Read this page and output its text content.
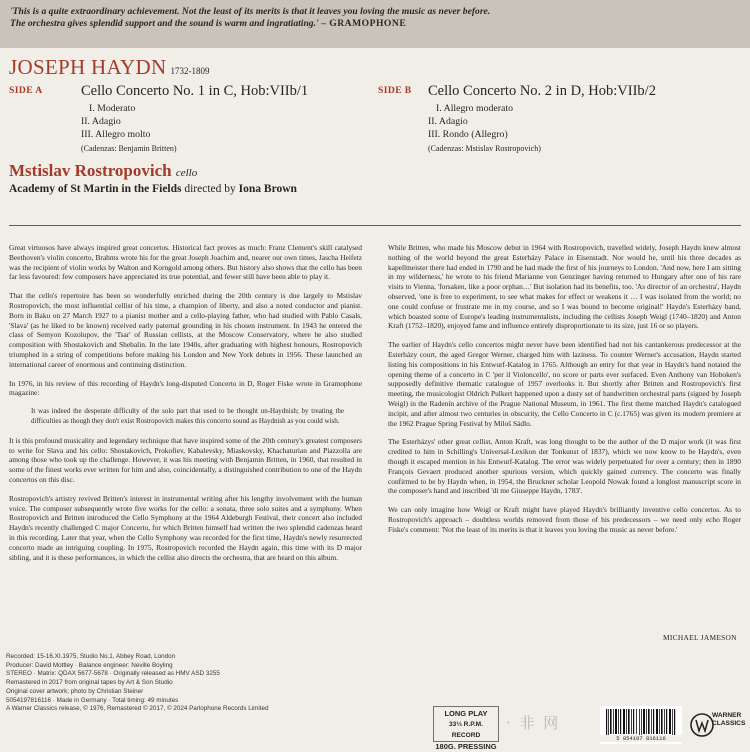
'This is a quite extraordinary achievement. Not the least of its merits is that it leaves you loving the music as never before.
The orchestra gives splendid support and the sound is warm and ingratiating.' – GRAMOPHONE
JOSEPH HAYDN 1732-1809
SIDE A	Cello Concerto No. 1 in C, Hob:VIIb/1
I. Moderato
II. Adagio
III. Allegro molto
(Cadenzas: Benjamin Britten)
SIDE B Cello Concerto No. 2 in D, Hob:VIIb/2
I. Allegro moderato
II. Adagio
III. Rondo (Allegro)
(Cadenzas: Mstislav Rostropovich)
Mstislav Rostropovich cello
Academy of St Martin in the Fields directed by Iona Brown

Great virtuosos have always inspired great concertos. Historical fact proves as much: Franz Clement's skill catalysed Beethoven's violin concerto, Brahms wrote his for the great Joseph Joachim and, nearer our own times, Jascha Heifetz was the recipient of violin works by Walton and Korngold among others. But history also shows that the cello has been far less favoured: few composers have appreciated its true potential, and fewer still have been able to play it.

That the cello's repertoire has been so wonderfully enriched during the 20th century is due largely to Mstislav Rostropovich, the most influential cellist of his time, a champion of liberty, and also a noted conductor and pianist. Born in Baku on 27 March 1927 to a pianist mother and a cello-playing father, who had studied with Pablo Casals, 'Slava' (as he liked to be known) received early paternal grounding in his chosen instrument. In 1943 he entered the class of Semyon Kozolupov, the 'Tsar' of Russian cellists, at the Moscow Conservatory, where he also studied composition with Shostakovich and Shebalin. In the late 1940s, after graduating with highest honours, Rostropovich triumphed in a string of competitions before making his London and New York debuts in 1956. These launched an international career of enormous and continuing distinction.

In 1976, in his review of this recording of Haydn's long-disputed Concerto in D, Roger Fiske wrote in Gramophone magazine:

It was indeed the desperate difficulty of the solo part that used to be thought un-Haydnish; by treating the difficulties as though they don't exist Rostropovich makes this concerto sound as Haydnish as you could wish.

It is this profound musicality and legendary technique that have inspired some of the 20th century's greatest composers to write for Slava and his cello: Shostakovich, Prokofiev, Kabalevsky, Miaskovsky, Khachaturian and Piazzolla are among those who took up the challenge. However, it was his meeting with Benjamin Britten, in 1960, that resulted in some of the finest works ever written for him and also, coincidentally, a distinguished contribution to one of the Haydn concertos on this disc.

Rostropovich's artistry revived Britten's interest in instrumental writing after his lengthy involvement with the human voice. The composer subsequently wrote five works for the cello: a sonata, three solo suites and a symphony. When Rostropovich and Britten introduced the Cello Symphony at the 1964 Aldeburgh Festival, their concert also included Haydn's recently challenged C major Concerto, for which Britten himself had written the two splendid cadenzas heard in this recording. Later that year, when the Cello Symphony was recorded for the first time, Haydn's newly resurrected concerto made an intriguing coupling. In 1975, Rostropovich recorded the Haydn again, this time with its D major sibling, and it is these performances, in which the cellist also directs the orchestra, that are heard on this album.

While Britten, who made his Moscow debut in 1964 with Rostropovich, travelled widely, Joseph Haydn knew almost nothing of the world beyond the great Esterházy Palace in Eisenstadt. Nor would he, until his three decades as kapellmeister there had ended in 1790 and he had made the first of his journeys to London. 'And now, here I am sitting in my wilderness,' he wrote to his friend Marianne von Genzinger having returned to Hungary after one of his rare visits to Vienna, 'forsaken, like a poor orphan…' But isolation had its benefits, too. 'As director of an orchestra', Haydn observed, 'one is free to experiment, to see what makes for effect or weakens it … I was isolated from the world; no one could confuse or frustrate me in my course, and so I was bound to become original!' Haydn's Esterházy band, which boasted some of Europe's leading instrumentalists, including the cellists Joseph Weigl (1740–1820) and Anton Kraft (1752–1820), enjoyed fame and influence entirely disproportionate to its size, just 16 or so players.

The earlier of Haydn's cello concertos might never have been identified had not his cantankerous predecessor at the Esterházy court, the aged Gregor Werner, charged him with laziness. To counter Werner's accusation, Haydn started listing his compositions in his Entwurf-Katalog in 1765. Although an entry for that year in Haydn's hand notated the opening theme of a concerto in C 'per il Violoncello', no score or parts ever surfaced. Even Anthony van Hoboken's supposedly definitive thematic catalogue of 1957 overlooks it. But shortly after Britten and Rostropovich's first meeting, the musicologist Oldrich Pulkert happened upon a dusty set of handwritten orchestral parts (signed by Joseph Weigl) in the Radenín archive of the Prague National Museum, in 1961. The first theme matched Haydn's catalogued incipit, and after almost two centuries in obscurity, the Cello Concerto in C (c.1765) was given its modern premiere at the 1962 Prague Spring Festival by Miloš Sádlo.

The Esterházys' other great cellist, Anton Kraft, was long thought to be the author of the D major work (it was first credited to him in Schilling's Universal-Lexikon der Tonkunst of 1837), which we now know to be Haydn's, even though it escaped mention in his Entwurf-Katalog. The error was widely perpetuated for over a century; then in 1890 François Gevaert produced another spurious version, which quickly gained currency. The concerto was finally confirmed to be by Haydn when, in 1954, the Bruckner scholar Leopold Nowak found a longlost manuscript score in the composer's hand and inscribed 'di me Giuseppe Haydn, 1783'.

We can only imagine how Weigl or Kraft might have played Haydn's brilliantly inventive cello concertos. As to Rostropovich's approach – doubtless worlds removed from those of his predecessors – we need only echo Roger Fiske's comment: 'Not the least of its merits is that it leaves you loving the music as never before.'

MICHAEL JAMESON
Recorded: 15-16.XI.1975, Studio No.1, Abbey Road, London
Producer: David Mottley · Balance engineer: Neville Boyling
STEREO · Matrix: QDAX 5677-5678 · Originally released as HMV ASD 3255
Remastered in 2017 from original tapes by Art & Son Studio
Original cover artwork; photo by Christian Steiner
5054197816116 · Made in Germany · Total timing: 49 minutes
A Warner Classics release, © 1976, Remastered © 2017, © 2024 Parlophone Records Limited
LONG PLAY
33⅓ R.P.M. RECORD
180G. PRESSING
· 非 网
5 054197 816116
WARNER
CLASSICS
